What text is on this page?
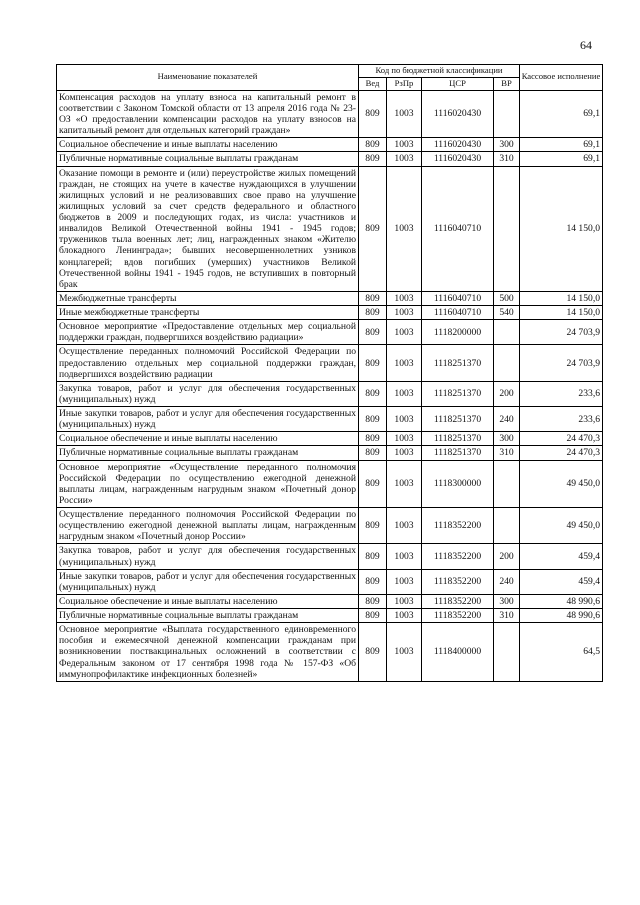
64
Наименование показателей	Код по бюджетной классификации				Кассовое исполнение
	Вед	РзПр	ЦСР	ВР	
Компенсация расходов на уплату взноса на капитальный ремонт в соответствии с Законом Томской области от 13 апреля 2016 года № 23-ОЗ «О предоставлении компенсации расходов на уплату взносов на капитальный ремонт для отдельных категорий граждан»	809	1003	1116020430		69,1
Социальное обеспечение и иные выплаты населению	809	1003	1116020430	300	69,1
Публичные нормативные социальные выплаты гражданам	809	1003	1116020430	310	69,1
Оказание помощи в ремонте и (или) переустройстве жилых помещений граждан, не стоящих на учете в качестве нуждающихся в улучшении жилищных условий и не реализовавших свое право на улучшение жилищных условий за счет средств федерального и областного бюджетов в 2009 и последующих годах, из числа: участников и инвалидов Великой Отечественной войны 1941 - 1945 годов; тружеников тыла военных лет; лиц, награжденных знаком «Жителю блокадного Ленинграда»; бывших несовершеннолетних узников концлагерей; вдов погибших (умерших) участников Великой Отечественной войны 1941 - 1945 годов, не вступивших в повторный брак	809	1003	1116040710		14 150,0
Межбюджетные трансферты	809	1003	1116040710	500	14 150,0
Иные межбюджетные трансферты	809	1003	1116040710	540	14 150,0
Основное мероприятие «Предоставление отдельных мер социальной поддержки граждан, подвергшихся воздействию радиации»	809	1003	1118200000		24 703,9
Осуществление переданных полномочий Российской Федерации по предоставлению отдельных мер социальной поддержки граждан, подвергшихся воздействию радиации	809	1003	1118251370		24 703,9
Закупка товаров, работ и услуг для обеспечения государственных (муниципальных) нужд	809	1003	1118251370	200	233,6
Иные закупки товаров, работ и услуг для обеспечения государственных (муниципальных) нужд	809	1003	1118251370	240	233,6
Социальное обеспечение и иные выплаты населению	809	1003	1118251370	300	24 470,3
Публичные нормативные социальные выплаты гражданам	809	1003	1118251370	310	24 470,3
Основное мероприятие «Осуществление переданного полномочия Российской Федерации по осуществлению ежегодной денежной выплаты лицам, награжденным нагрудным знаком «Почетный донор России»	809	1003	1118300000		49 450,0
Осуществление переданного полномочия Российской Федерации по осуществлению ежегодной денежной выплаты лицам, награжденным нагрудным знаком «Почетный донор России»	809	1003	1118352200		49 450,0
Закупка товаров, работ и услуг для обеспечения государственных (муниципальных) нужд	809	1003	1118352200	200	459,4
Иные закупки товаров, работ и услуг для обеспечения государственных (муниципальных) нужд	809	1003	1118352200	240	459,4
Социальное обеспечение и иные выплаты населению	809	1003	1118352200	300	48 990,6
Публичные нормативные социальные выплаты гражданам	809	1003	1118352200	310	48 990,6
Основное мероприятие «Выплата государственного единовременного пособия и ежемесячной денежной компенсации гражданам при возникновении поствакцинальных осложнений в соответствии с Федеральным законом от 17 сентября 1998 года № 157-ФЗ «Об иммунопрофилактике инфекционных болезней»	809	1003	1118400000		64,5
